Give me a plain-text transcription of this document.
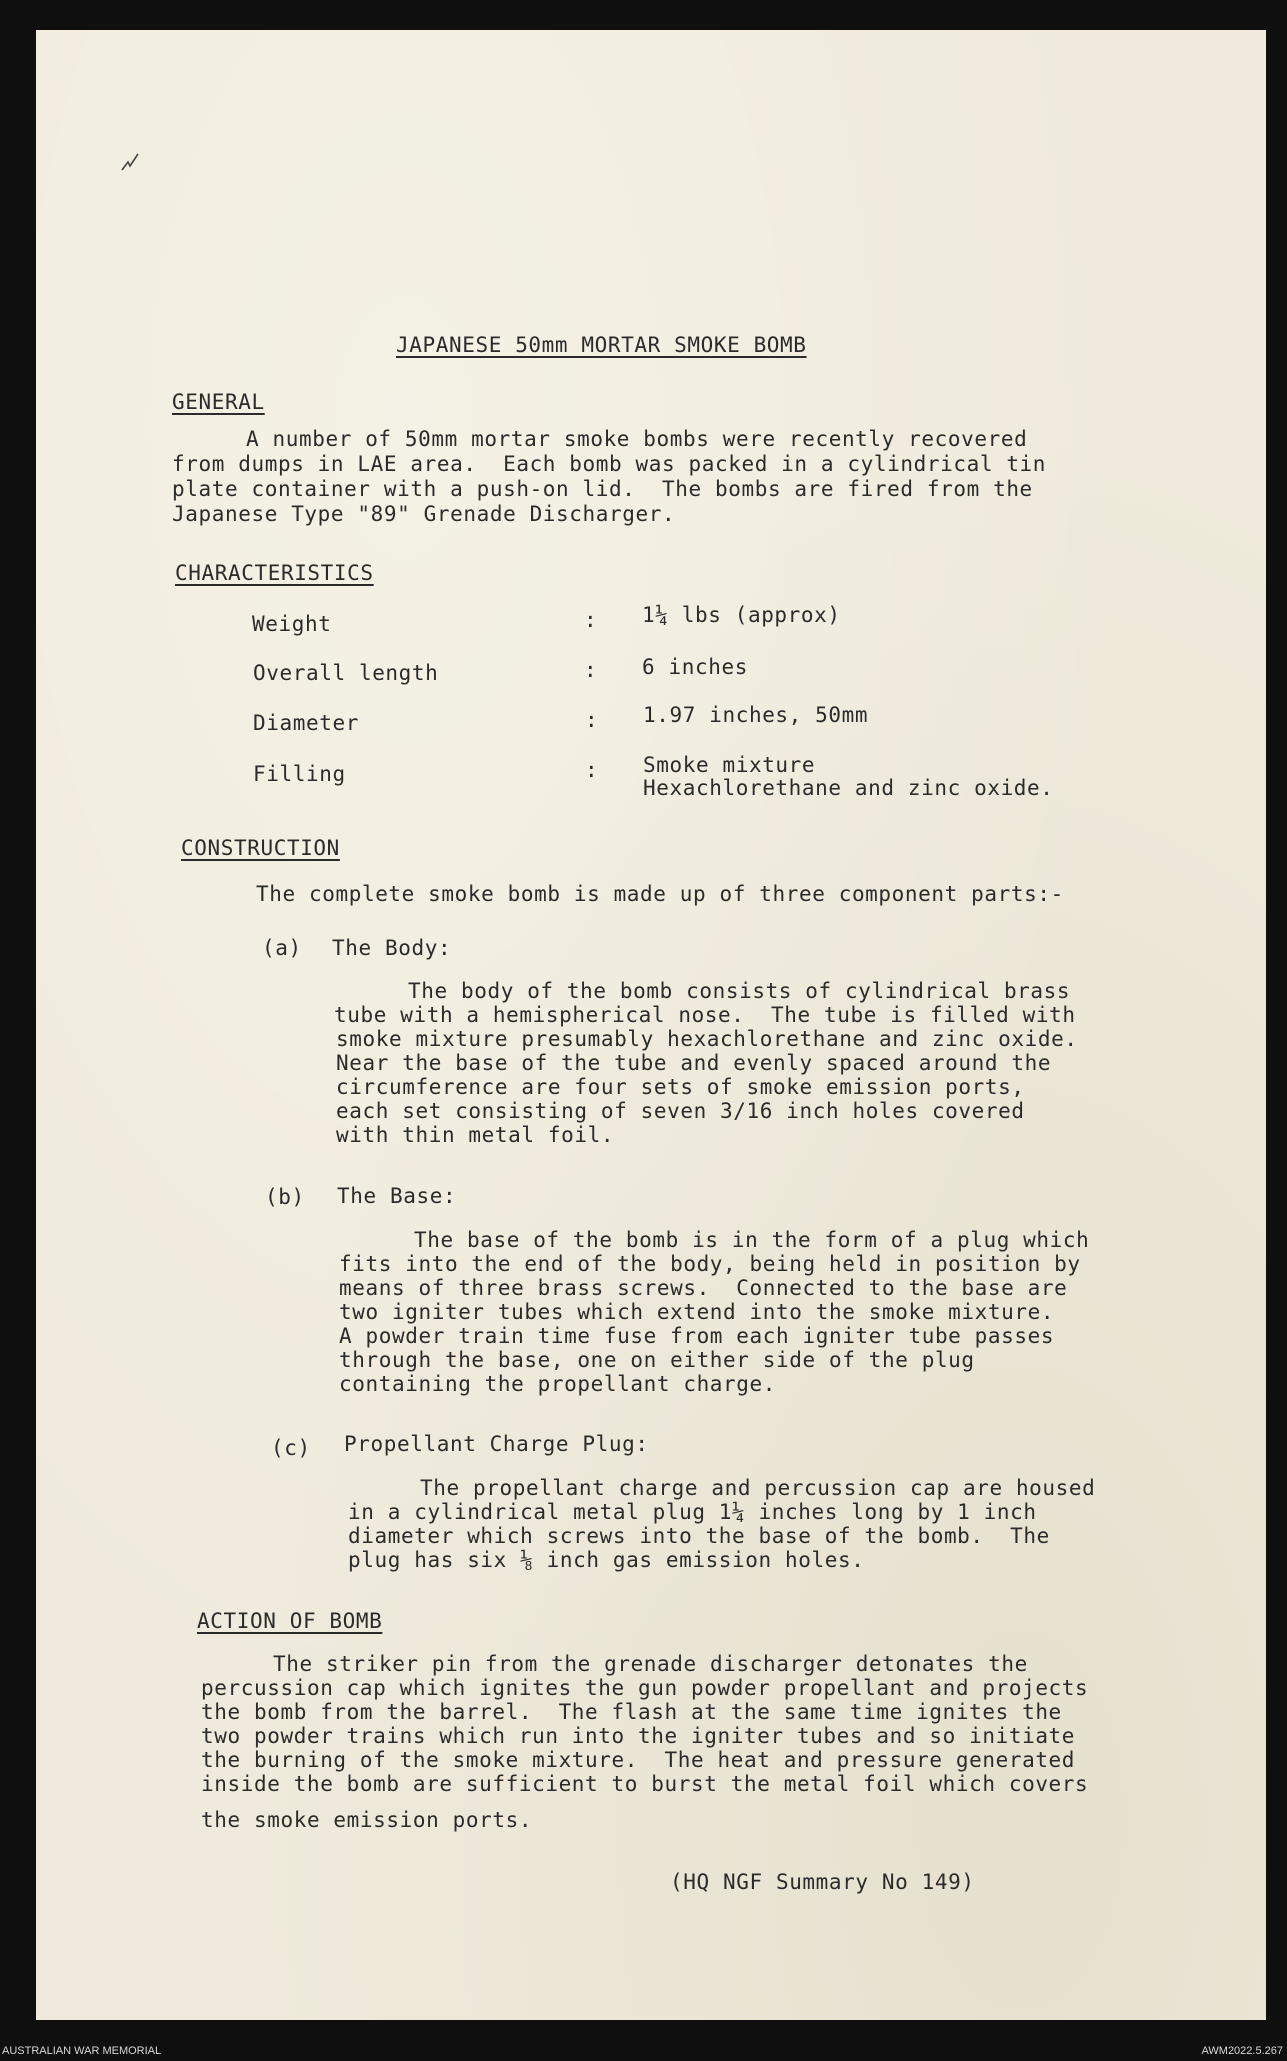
JAPANESE 50mm MORTAR SMOKE BOMB
GENERAL
A number of 50mm mortar smoke bombs were recently recovered
from dumps in LAE area.  Each bomb was packed in a cylindrical tin
plate container with a push-on lid.  The bombs are fired from the
Japanese Type "89" Grenade Discharger.
CHARACTERISTICS
Weight	: 1¼ lbs (approx)
Overall length	: 6 inches
Diameter	: 1.97 inches, 50mm
Filling	: Smoke mixture
Hexachlorethane and zinc oxide.
CONSTRUCTION
The complete smoke bomb is made up of three component parts:-
(a) The Body:
The body of the bomb consists of cylindrical brass
tube with a hemispherical nose.  The tube is filled with
smoke mixture presumably hexachlorethane and zinc oxide.
Near the base of the tube and evenly spaced around the
circumference are four sets of smoke emission ports,
each set consisting of seven 3/16 inch holes covered
with thin metal foil.
(b) The Base:
The base of the bomb is in the form of a plug which
fits into the end of the body, being held in position by
means of three brass screws.  Connected to the base are
two igniter tubes which extend into the smoke mixture.
A powder train time fuse from each igniter tube passes
through the base, one on either side of the plug
containing the propellant charge.
(c) Propellant Charge Plug:
The propellant charge and percussion cap are housed
in a cylindrical metal plug 1¼ inches long by 1 inch
diameter which screws into the base of the bomb.  The
plug has six ⅛ inch gas emission holes.
ACTION OF BOMB
The striker pin from the grenade discharger detonates the
percussion cap which ignites the gun powder propellant and projects
the bomb from the barrel.  The flash at the same time ignites the
two powder trains which run into the igniter tubes and so initiate
the burning of the smoke mixture.  The heat and pressure generated
inside the bomb are sufficient to burst the metal foil which covers
the smoke emission ports.
(HQ NGF Summary No 149)
AUSTRALIAN WAR MEMORIAL	AWM2022.5.267
